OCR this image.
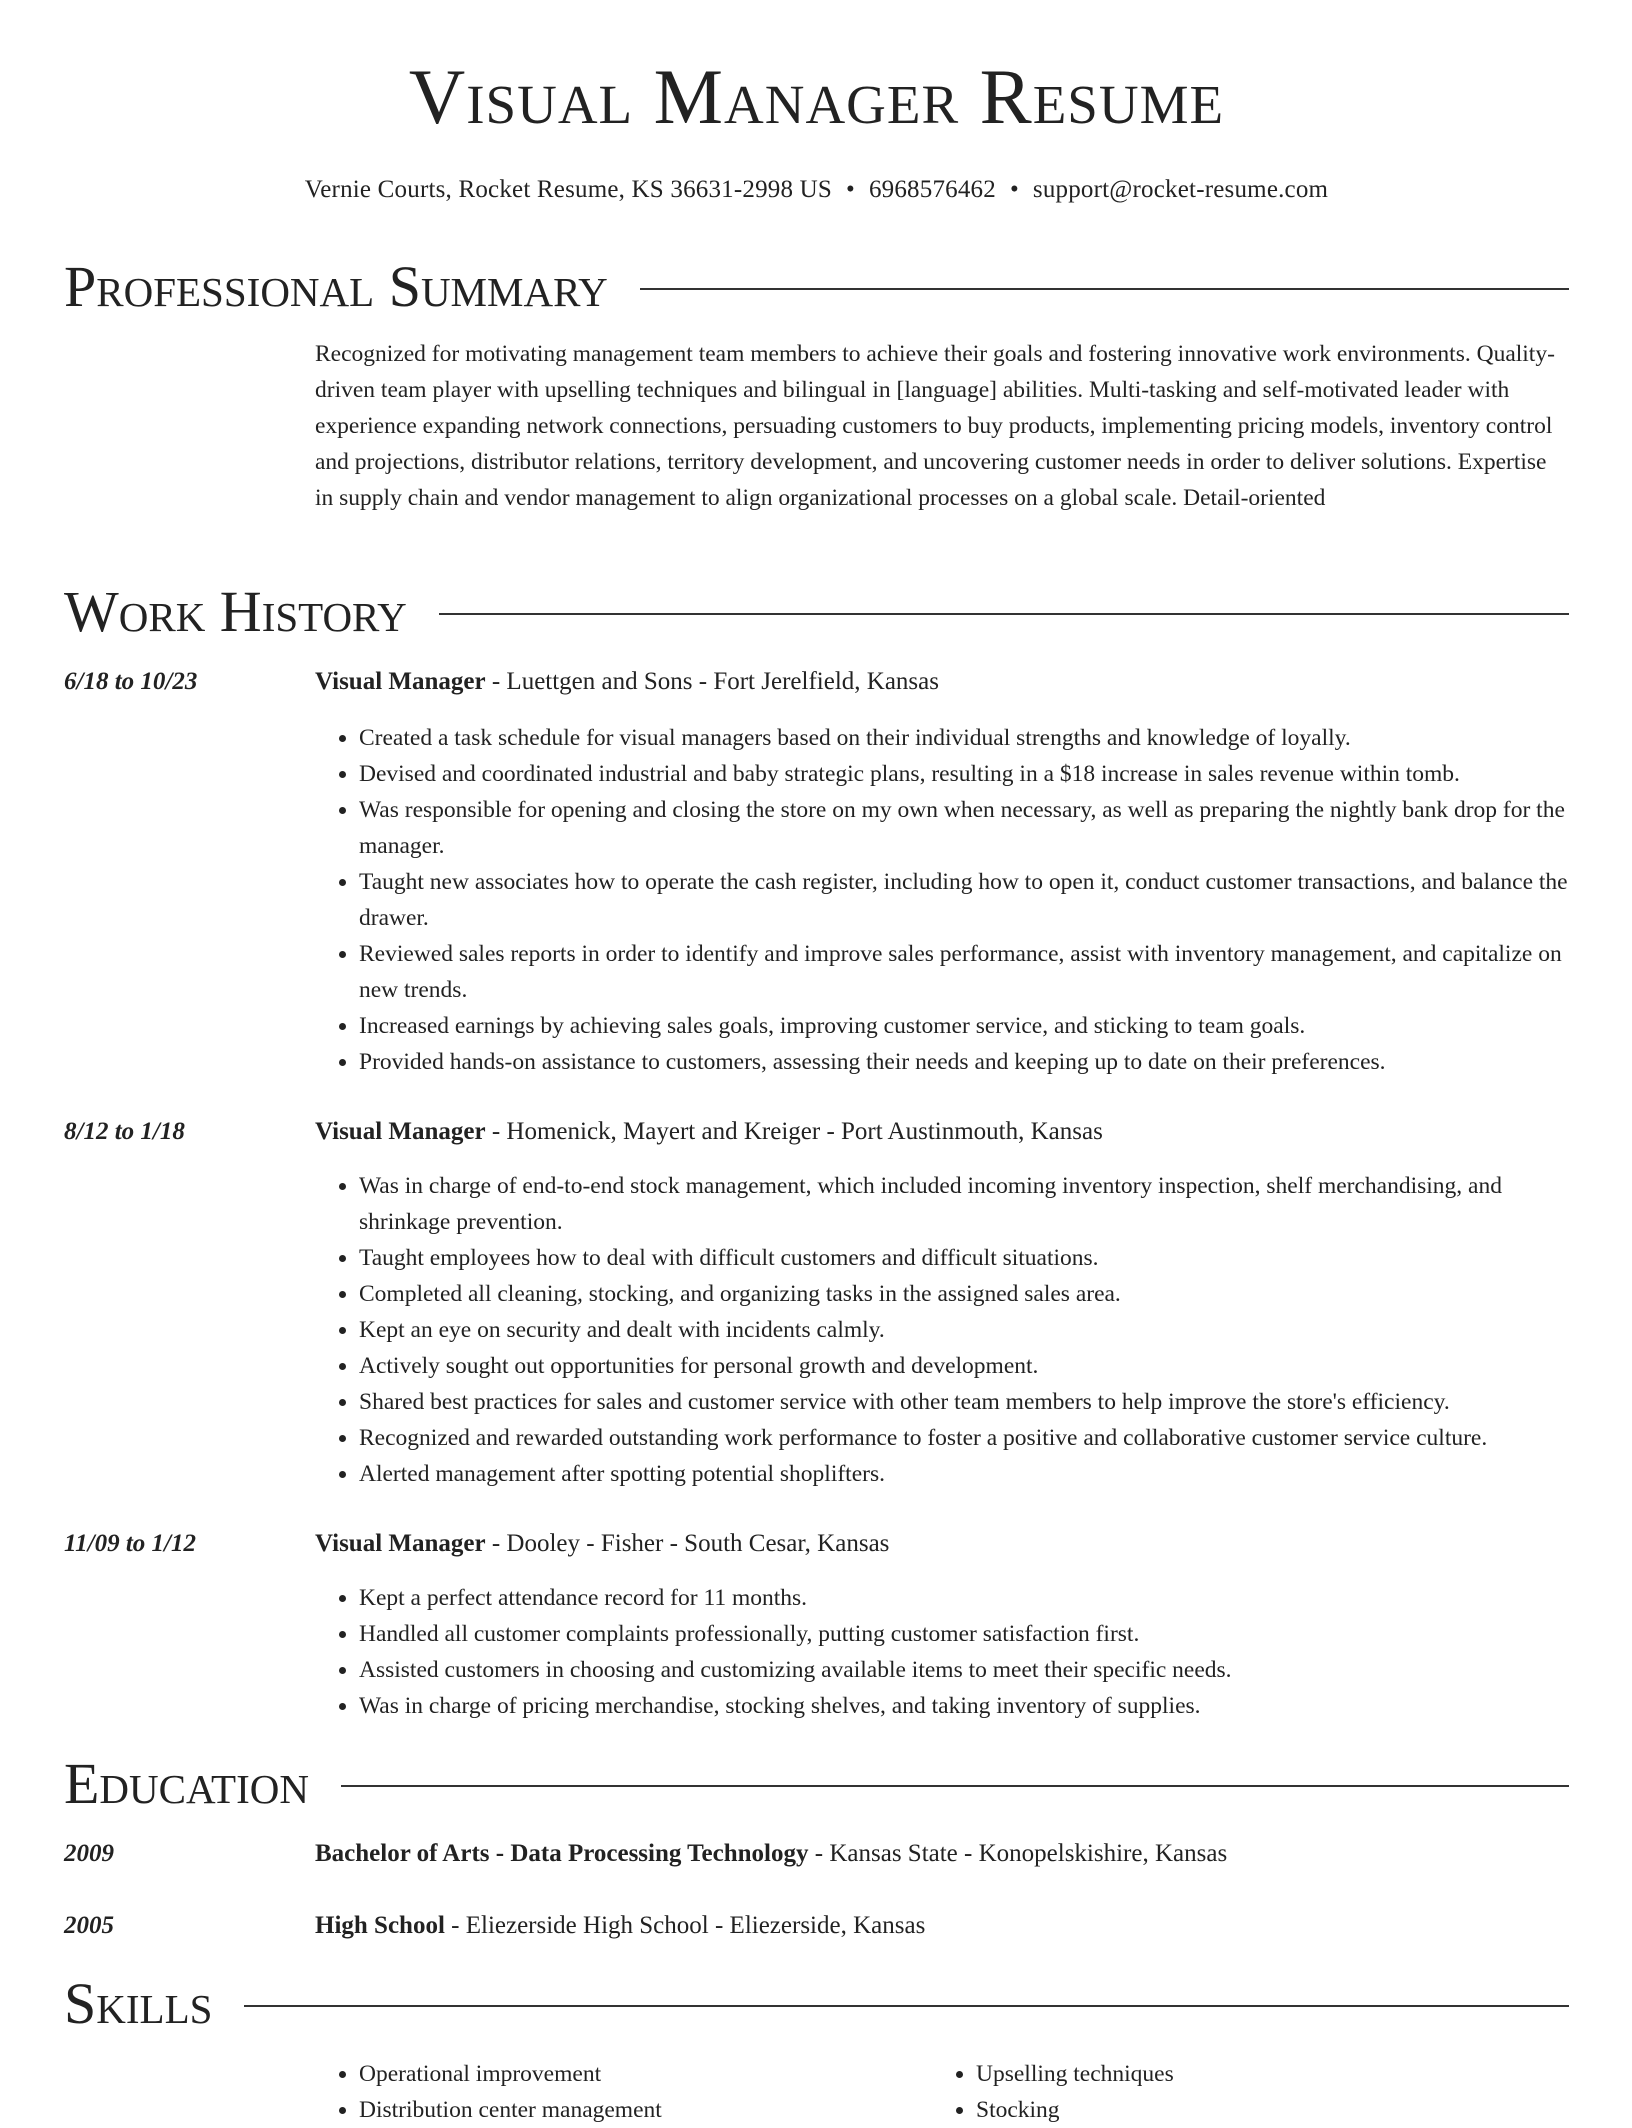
Visual Manager Resume
Vernie Courts, Rocket Resume, KS 36631-2998 US • 6968576462 • support@rocket-resume.com
Professional Summary
Recognized for motivating management team members to achieve their goals and fostering innovative work environments. Quality-driven team player with upselling techniques and bilingual in [language] abilities. Multi-tasking and self-motivated leader with experience expanding network connections, persuading customers to buy products, implementing pricing models, inventory control and projections, distributor relations, territory development, and uncovering customer needs in order to deliver solutions. Expertise in supply chain and vendor management to align organizational processes on a global scale. Detail-oriented
Work History
6/18 to 10/23	Visual Manager - Luettgen and Sons - Fort Jerelfield, Kansas
• Created a task schedule for visual managers based on their individual strengths and knowledge of loyally.
• Devised and coordinated industrial and baby strategic plans, resulting in a $18 increase in sales revenue within tomb.
• Was responsible for opening and closing the store on my own when necessary, as well as preparing the nightly bank drop for the manager.
• Taught new associates how to operate the cash register, including how to open it, conduct customer transactions, and balance the drawer.
• Reviewed sales reports in order to identify and improve sales performance, assist with inventory management, and capitalize on new trends.
• Increased earnings by achieving sales goals, improving customer service, and sticking to team goals.
• Provided hands-on assistance to customers, assessing their needs and keeping up to date on their preferences.
8/12 to 1/18	Visual Manager - Homenick, Mayert and Kreiger - Port Austinmouth, Kansas
• Was in charge of end-to-end stock management, which included incoming inventory inspection, shelf merchandising, and shrinkage prevention.
• Taught employees how to deal with difficult customers and difficult situations.
• Completed all cleaning, stocking, and organizing tasks in the assigned sales area.
• Kept an eye on security and dealt with incidents calmly.
• Actively sought out opportunities for personal growth and development.
• Shared best practices for sales and customer service with other team members to help improve the store's efficiency.
• Recognized and rewarded outstanding work performance to foster a positive and collaborative customer service culture.
• Alerted management after spotting potential shoplifters.
11/09 to 1/12	Visual Manager - Dooley - Fisher - South Cesar, Kansas
• Kept a perfect attendance record for 11 months.
• Handled all customer complaints professionally, putting customer satisfaction first.
• Assisted customers in choosing and customizing available items to meet their specific needs.
• Was in charge of pricing merchandise, stocking shelves, and taking inventory of supplies.
Education
2009	Bachelor of Arts - Data Processing Technology - Kansas State - Konopelskishire, Kansas
2005	High School - Eliezerside High School - Eliezerside, Kansas
Skills
• Operational improvement
• Distribution center management
• Upselling techniques
• Stocking
